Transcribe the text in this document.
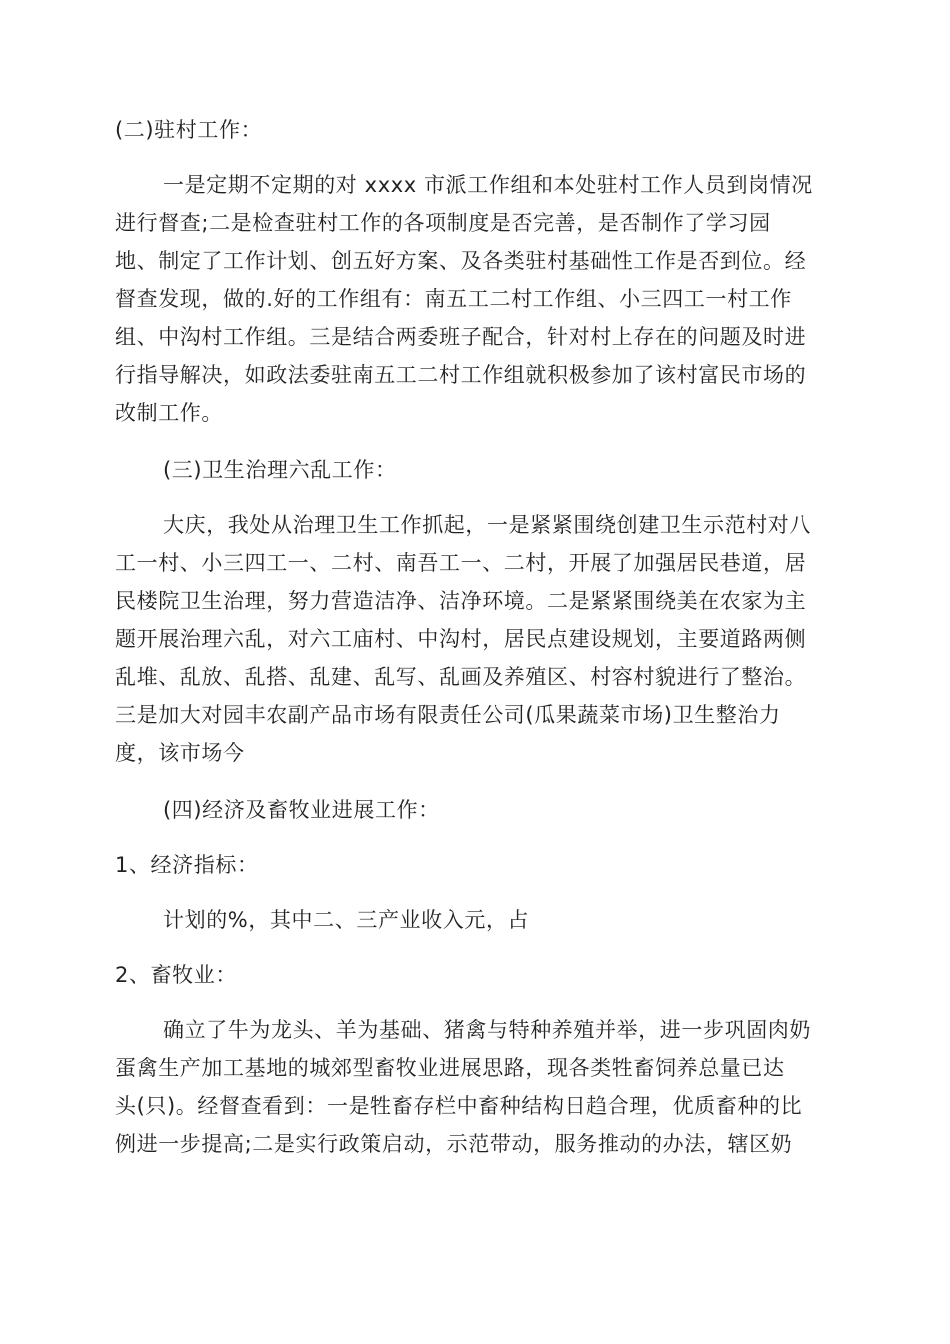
(二)驻村工作：
一是定期不定期的对 xxxx 市派工作组和本处驻村工作人员到岗情况
进行督查;二是检查驻村工作的各项制度是否完善，是否制作了学习园
地、制定了工作计划、创五好方案、及各类驻村基础性工作是否到位。经
督查发现，做的.好的工作组有：南五工二村工作组、小三四工一村工作
组、中沟村工作组。三是结合两委班子配合，针对村上存在的问题及时进
行指导解决，如政法委驻南五工二村工作组就积极参加了该村富民市场的
改制工作。
(三)卫生治理六乱工作：
大庆，我处从治理卫生工作抓起，一是紧紧围绕创建卫生示范村对八
工一村、小三四工一、二村、南吾工一、二村，开展了加强居民巷道，居
民楼院卫生治理，努力营造洁净、洁净环境。二是紧紧围绕美在农家为主
题开展治理六乱，对六工庙村、中沟村，居民点建设规划，主要道路两侧
乱堆、乱放、乱搭、乱建、乱写、乱画及养殖区、村容村貌进行了整治。
三是加大对园丰农副产品市场有限责任公司(瓜果蔬菜市场)卫生整治力
度，该市场今
(四)经济及畜牧业进展工作：
1、经济指标：
计划的%，其中二、三产业收入元，占
2、畜牧业：
确立了牛为龙头、羊为基础、猪禽与特种养殖并举，进一步巩固肉奶
蛋禽生产加工基地的城郊型畜牧业进展思路，现各类牲畜饲养总量已达
头(只)。经督查看到：一是牲畜存栏中畜种结构日趋合理，优质畜种的比
例进一步提高;二是实行政策启动，示范带动，服务推动的办法，辖区奶
